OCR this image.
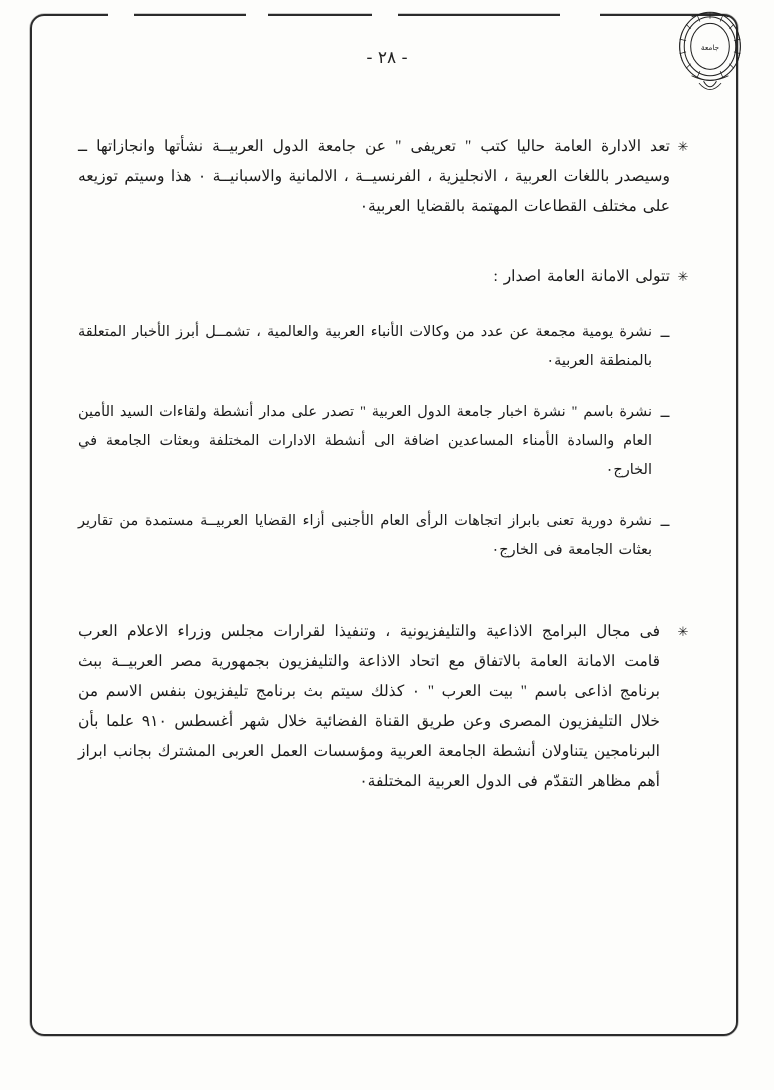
جامعة
- ٢٨ -
✳
تعد الادارة العامة حاليا كتب " تعريفى " عن جامعة الدول العربيــة نشأتها وانجازاتها ــ وسيصدر باللغات العربية ، الانجليزية ، الفرنسيــة ، الالمانية والاسبانيــة ٠ هذا وسيتم توزيعه على مختلف القطاعات المهتمة بالقضايا العربية٠
✳
تتولى الامانة العامة اصدار :
ــ
نشرة يومية مجمعة عن عدد من وكالات الأنباء العربية والعالمية ، تشمــل أبرز الأخبار المتعلقة بالمنطقة العربية٠
ــ
نشرة باسم " نشرة اخبار جامعة الدول العربية " تصدر على مدار أنشطة ولقاءات السيد الأمين العام والسادة الأمناء المساعدين اضافة الى أنشطة الادارات المختلفة وبعثات الجامعة في الخارج٠
ــ
نشرة دورية تعنى بابراز اتجاهات الرأى العام الأجنبى أزاء القضايا العربيــة مستمدة من تقارير بعثات الجامعة فى الخارج٠
✳
فى مجال البرامج الاذاعية والتليفزيونية ، وتنفيذا لقرارات مجلس وزراء الاعلام العرب قامت الامانة العامة بالاتفاق مع اتحاد الاذاعة والتليفزيون بجمهورية مصر العربيــة ببث برنامج اذاعى باسم " بيت العرب " ٠ كذلك سيتم بث برنامج تليفزيون بنفس الاسم من خلال التليفزيون المصرى وعن طريق القناة الفضائية خلال شهر أغسطس ٩١٠ علما بأن البرنامجين يتناولان أنشطة الجامعة العربية ومؤسسات العمل العربى المشترك بجانب ابراز أهم مظاهر التقدّم فى الدول العربية المختلفة٠
